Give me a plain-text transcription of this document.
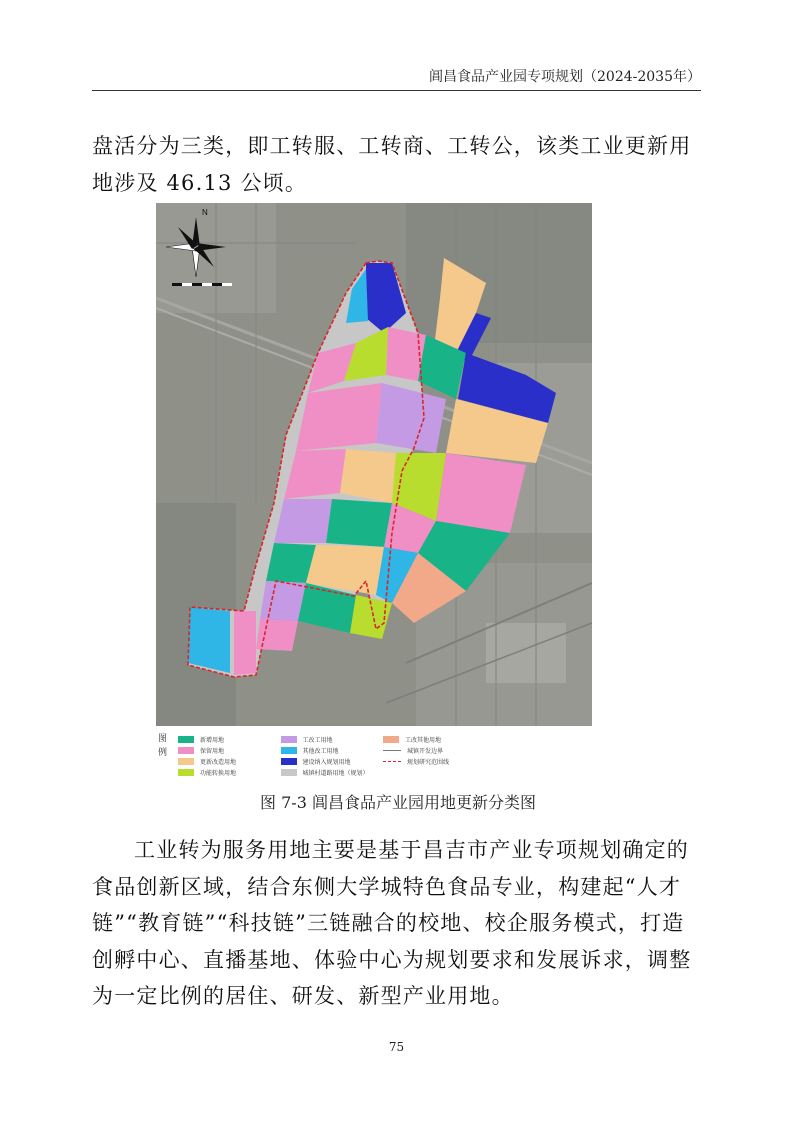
阊昌食品产业园专项规划（2024-2035年）

盘活分为三类，即工转服、工转商、工转公，该类工业更新用地涉及 46.13 公顷。

N
图
例
新增用地	工改工用地	工改其他用地
保留用地	其他改工用地	城镇开发边界
更新改造用地	建设纳入规划用地	规划研究范围线
功能转换用地	城镇村道路用地（规划）
图 7-3 阊昌食品产业园用地更新分类图

工业转为服务用地主要是基于昌吉市产业专项规划确定的食品创新区域，结合东侧大学城特色食品专业，构建起“人才链”“教育链”“科技链”三链融合的校地、校企服务模式，打造创孵中心、直播基地、体验中心为规划要求和发展诉求，调整为一定比例的居住、研发、新型产业用地。

75
